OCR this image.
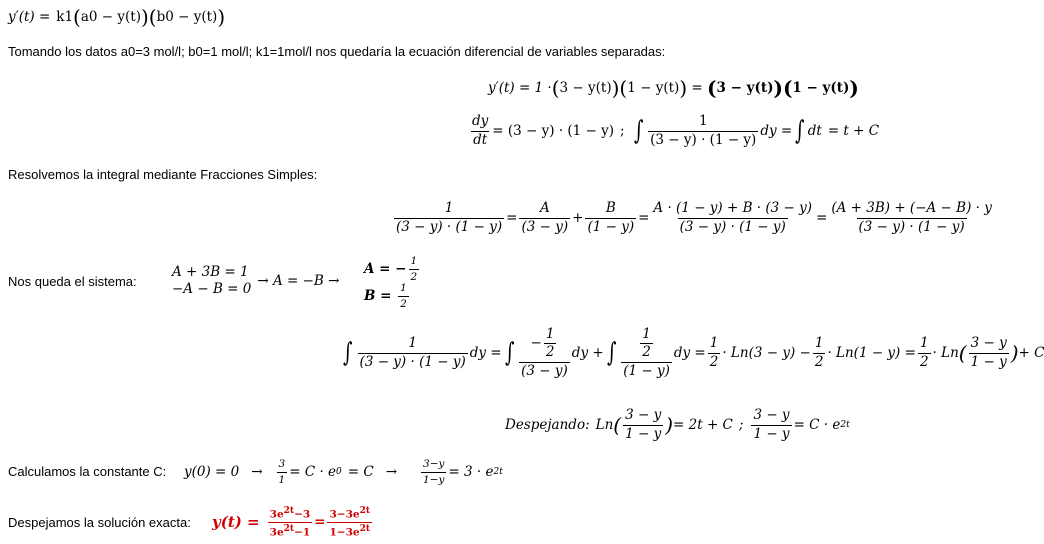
y′(t) = k1 ( a0 − y(t) ) ( b0 − y(t) )
Tomando los datos a0=3 mol/l; b0=1 mol/l; k1=1mol/l nos quedaría la ecuación diferencial de variables separadas:
y′(t) = 1 · ( 3 − y(t) ) ( 1 − y(t) ) = ( 3 − y(t) ) ( 1 − y(t) )
$\frac{dy}{dt} = (3 - y) \cdot (1 - y)$ ; ∫ $\frac{1}{(3 - y) \cdot (1 - y)}$ dy = ∫ dt = t + C
Resolvemos la integral mediante Fracciones Simples:
$\frac{1}{(3 - y) \cdot (1 - y)} = \frac{A}{(3 - y)} + \frac{B}{(1 - y)} = \frac{A \cdot (1 - y) + B \cdot (3 - y)}{(3 - y) \cdot (1 - y)} = \frac{(A + 3B) + (-A - B) \cdot y}{(3 - y) \cdot (1 - y)}$
Nos queda el sistema:
A + 3B = 1
−A − B = 0 → A = −B →
A = − $\frac{1}{2}$
$B = \frac{1}{2}$
∫ $\frac{1}{(3 - y) \cdot (1 - y)}$ dy = ∫ $\frac{- \frac{1}{2}}{(3 - y)}$ dy + ∫ $\frac{\frac{1}{2}}{(1 - y)}$ dy = $\frac{1}{2} \cdot Ln(3 - y) - \frac{1}{2} \cdot Ln(1 - y) = \frac{1}{2} \cdot Ln$ ( $\frac{3 - y}{1 - y}$ ) + C
Despejando: Ln ( $\frac{3 - y}{1 - y}$ ) = 2t + C ; $\frac{3 - y}{1 - y} = C \cdot e$ 2t
Calculamos la constante C: $y(0) = 0 \to \frac{3}{1} = C \cdot e$ $0 = C \to \frac{3-y}{1-y} = 3 \cdot e$ 2t
Despejamos la solución exacta: $y(t) = \frac{3e^{2t}-3}{3e^{2t}-1} = \frac{3-3e^{2t}}{1-3e^{2t}}$
